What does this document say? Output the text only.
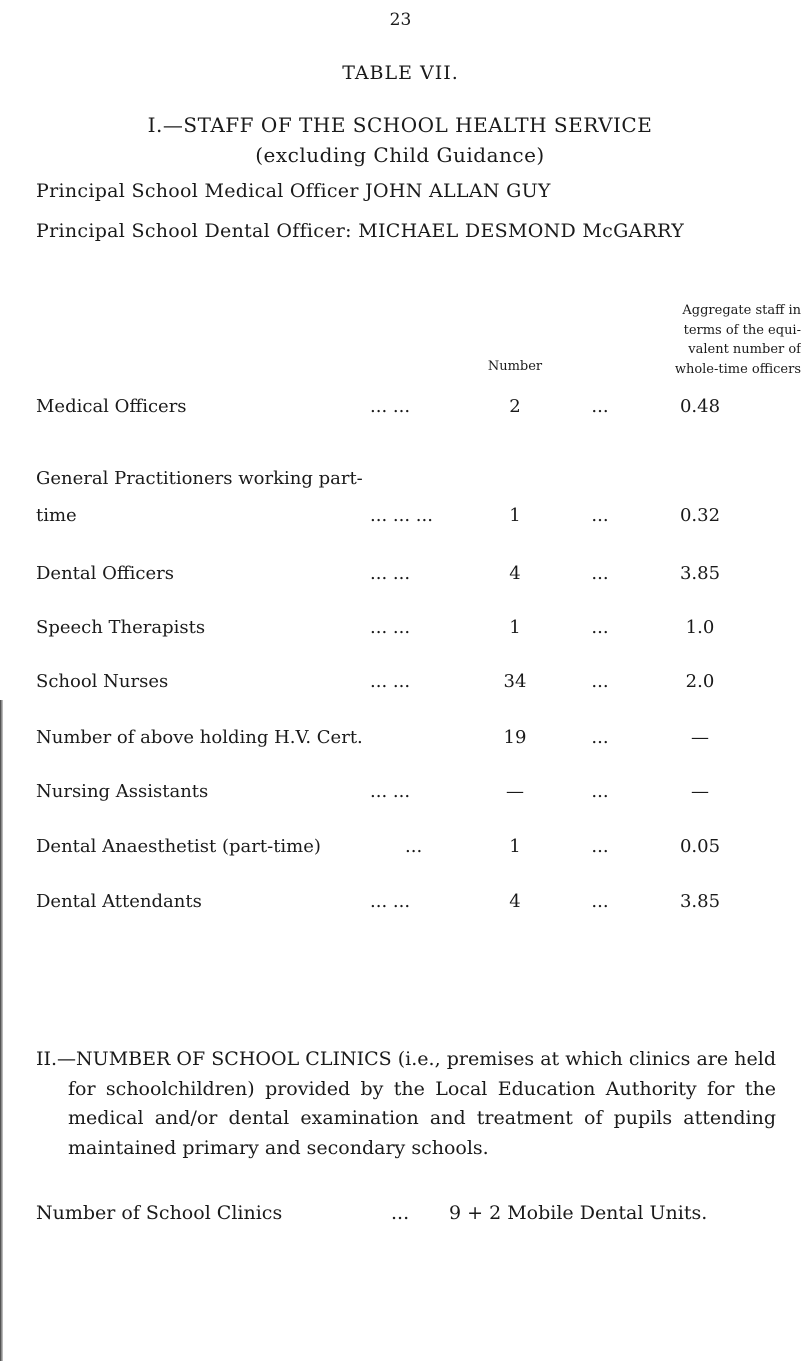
23
TABLE VII.
I.—STAFF OF THE SCHOOL HEALTH SERVICE
(excluding Child Guidance)
Principal School Medical Officer JOHN ALLAN GUY
Principal School Dental Officer: MICHAEL DESMOND McGARRY
Number
Aggregate staff in
terms of the equi-
valent number of
whole-time officers
Medical Officers	... ...	2	...	0.48
General Practitioners working part-
time	... ... ...	1	...	0.32
Dental Officers	... ...	4	...	3.85
Speech Therapists	... ...	1	...	1.0
School Nurses	... ...	34	...	2.0
Number of above holding H.V. Cert.	19	...	—
Nursing Assistants	... ...	—	...	—
Dental Anaesthetist (part-time)	...	1	...	0.05
Dental Attendants	... ...	4	...	3.85
II.—NUMBER OF SCHOOL CLINICS (i.e., premises at which clinics are held for schoolchildren) provided by the Local Education Authority for the medical and/or dental examination and treatment of pupils attending maintained primary and secondary schools.
Number of School Clinics	... 9 + 2 Mobile Dental Units.
